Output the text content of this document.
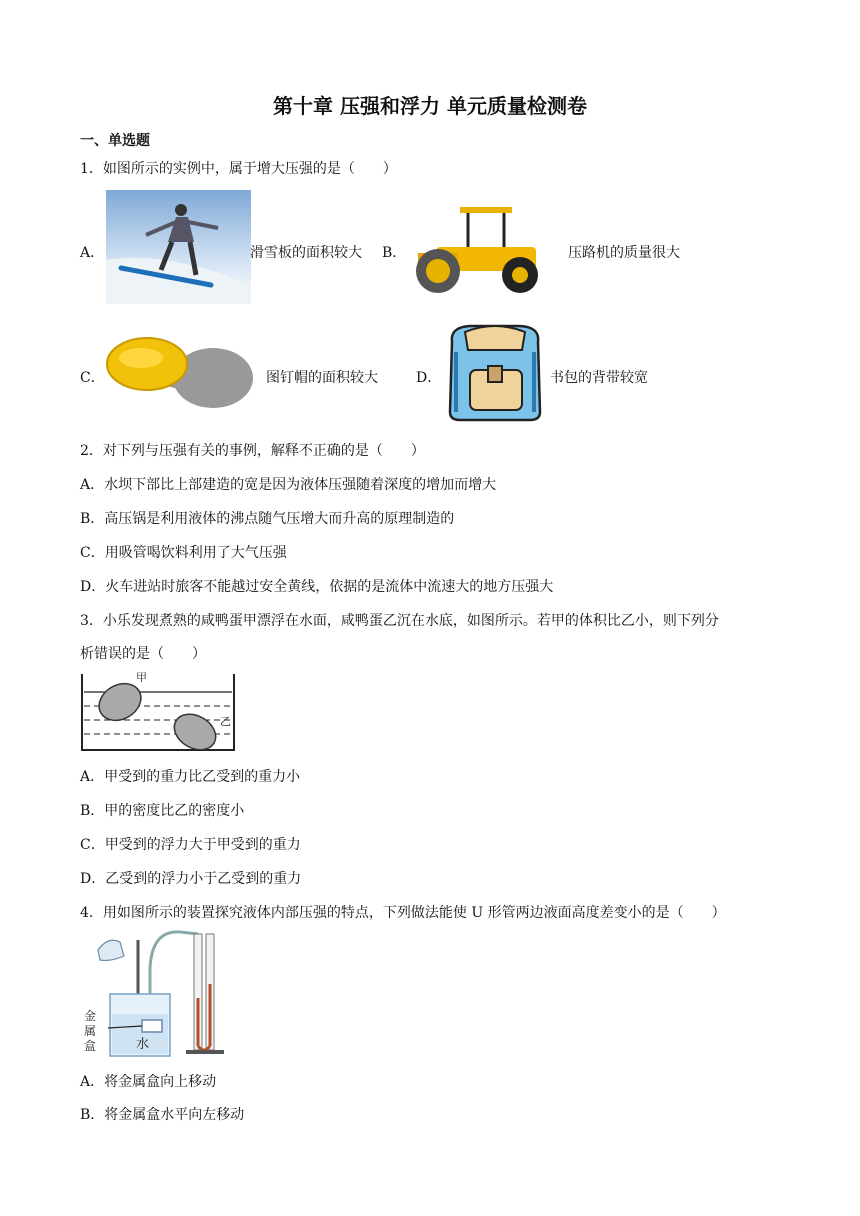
第十章 压强和浮力 单元质量检测卷
一、单选题
1．如图所示的实例中，属于增大压强的是（　　）
A．	滑雪板的面积较大 B．	压路机的质量很大
C．	图钉帽的面积较大	D．	书包的背带较宽
2．对下列与压强有关的事例，解释不正确的是（　　）
A．水坝下部比上部建造的宽是因为液体压强随着深度的增加而增大
B．高压锅是利用液体的沸点随气压增大而升高的原理制造的
C．用吸管喝饮料利用了大气压强
D．火车进站时旅客不能越过安全黄线，依据的是流体中流速大的地方压强大
3．小乐发现煮熟的咸鸭蛋甲漂浮在水面，咸鸭蛋乙沉在水底，如图所示。若甲的体积比乙小，则下列分
析错误的是（　　）
甲
乙
A．甲受到的重力比乙受到的重力小
B．甲的密度比乙的密度小
C．甲受到的浮力大于甲受到的重力
D．乙受到的浮力小于乙受到的重力
4．用如图所示的装置探究液体内部压强的特点，下列做法能使 U 形管两边液面高度差变小的是（　　）
金
属
盒	水
A．将金属盒向上移动
B．将金属盒水平向左移动
